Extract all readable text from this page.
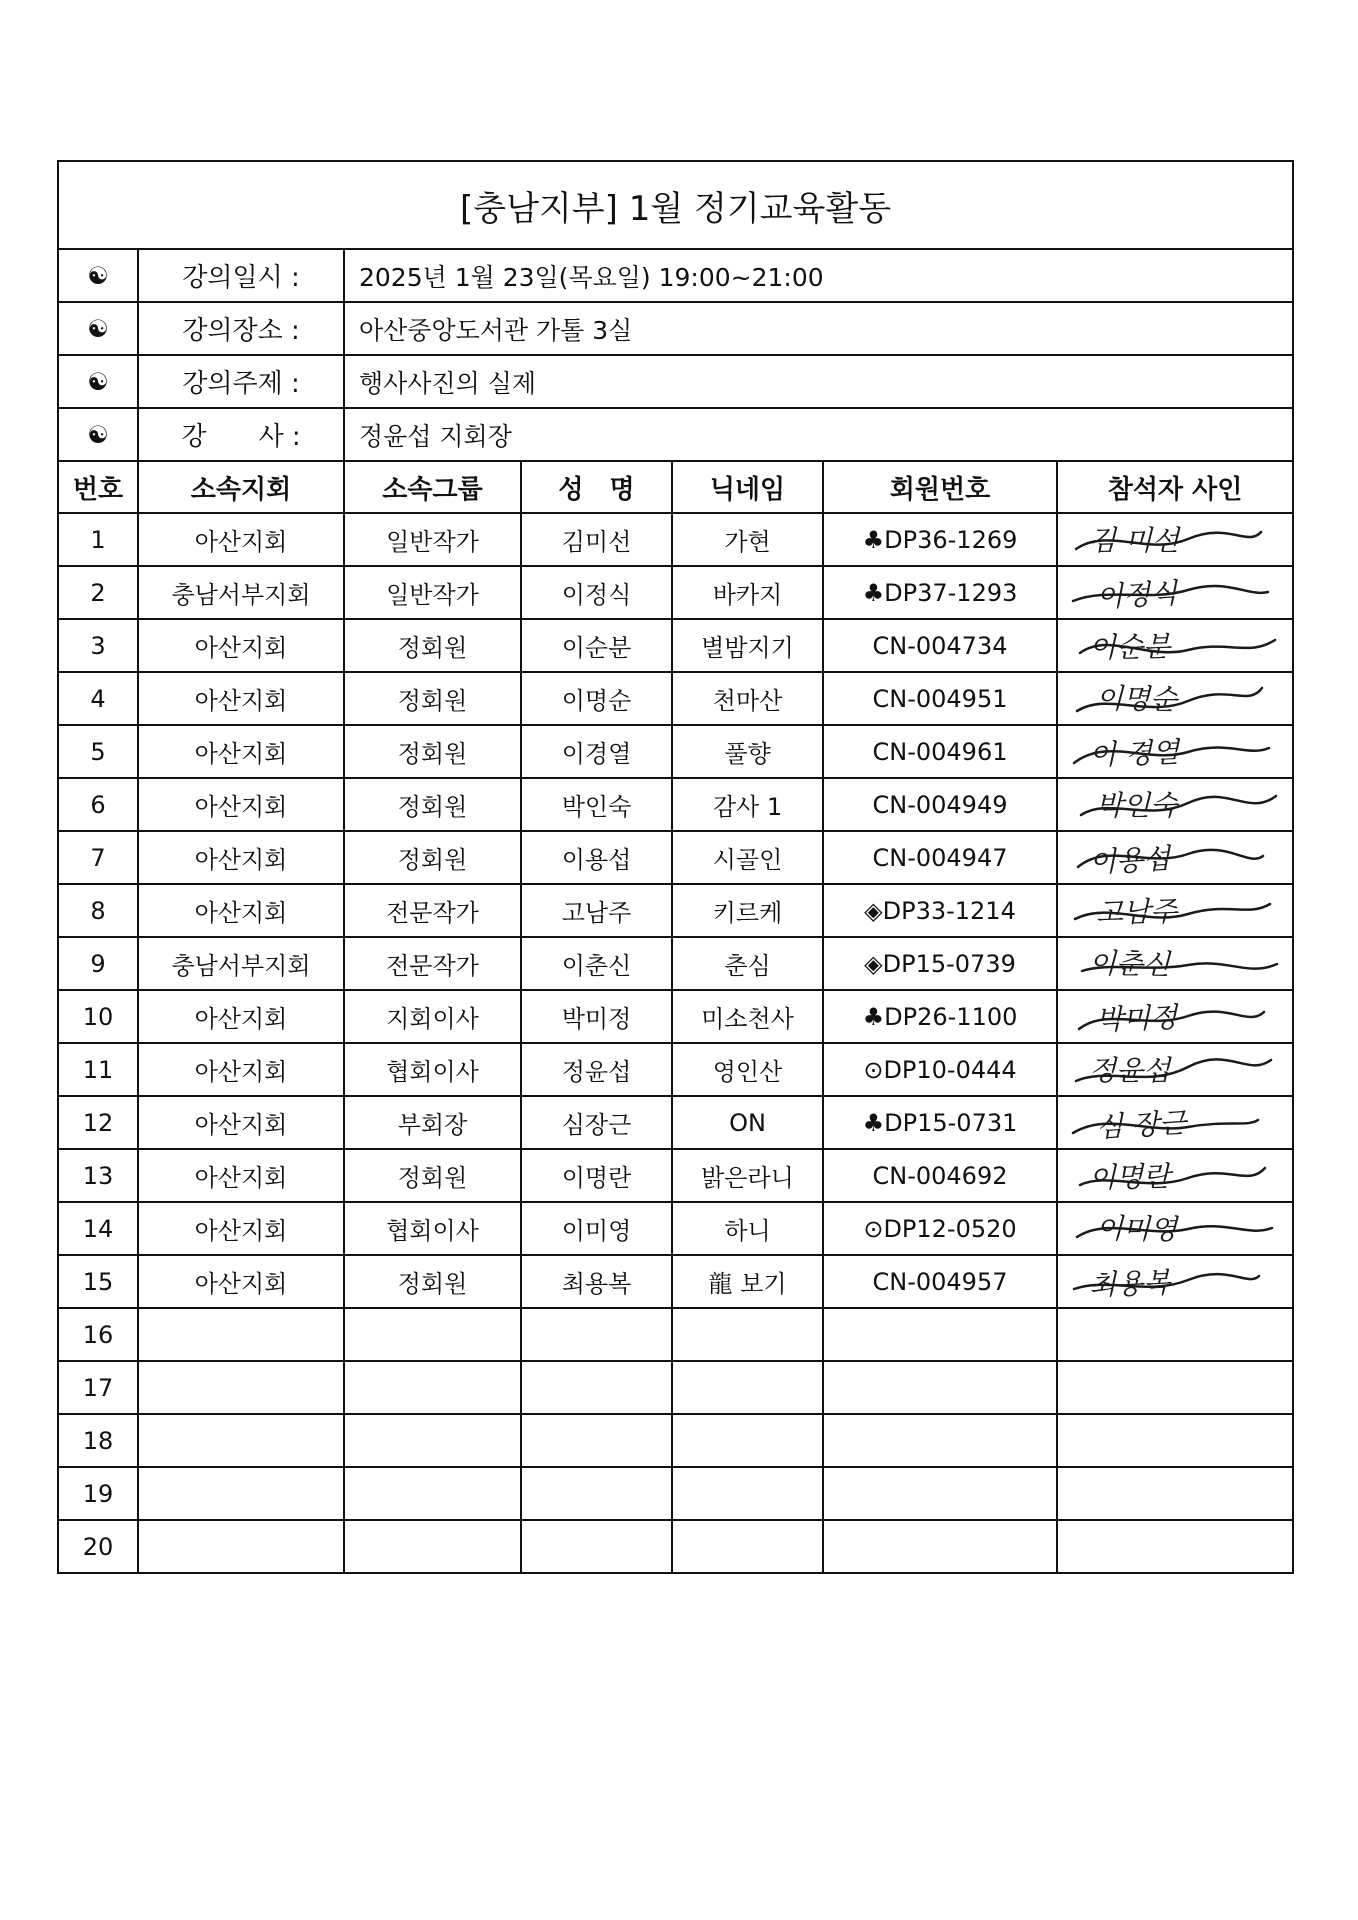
[충남지부] 1월 정기교육활동						
☯	강의일시 :	2025년 1월 23일(목요일) 19:00~21:00				
☯	강의장소 :	아산중앙도서관 가톨 3실				
☯	강의주제 :	행사사진의 실제				
☯	강　　사 :	정윤섭 지회장				
번호	소속지회	소속그룹	성　명	닉네임	회원번호	참석자 사인
1	아산지회	일반작가	김미선	가현	♣DP36-1269	김 미선

2	충남서부지회	일반작가	이정식	바카지	♣DP37-1293	이정식

3	아산지회	정회원	이순분	별밤지기	CN-004734	이순분

4	아산지회	정회원	이명순	천마산	CN-004951	이명순

5	아산지회	정회원	이경열	풀향	CN-004961	이 경열

6	아산지회	정회원	박인숙	감사 1	CN-004949	박인숙

7	아산지회	정회원	이용섭	시골인	CN-004947	이용섭

8	아산지회	전문작가	고남주	키르케	◈DP33-1214	고남주

9	충남서부지회	전문작가	이춘신	춘심	◈DP15-0739	이춘신

10	아산지회	지회이사	박미정	미소천사	♣DP26-1100	박미정

11	아산지회	협회이사	정윤섭	영인산	⊙DP10-0444	정윤섭

12	아산지회	부회장	심장근	ON	♣DP15-0731	심 장근

13	아산지회	정회원	이명란	밝은라니	CN-004692	이명란

14	아산지회	협회이사	이미영	하니	⊙DP12-0520	이미영

15	아산지회	정회원	최용복	龍 보기	CN-004957	최용복

16						
17						
18						
19						
20						
